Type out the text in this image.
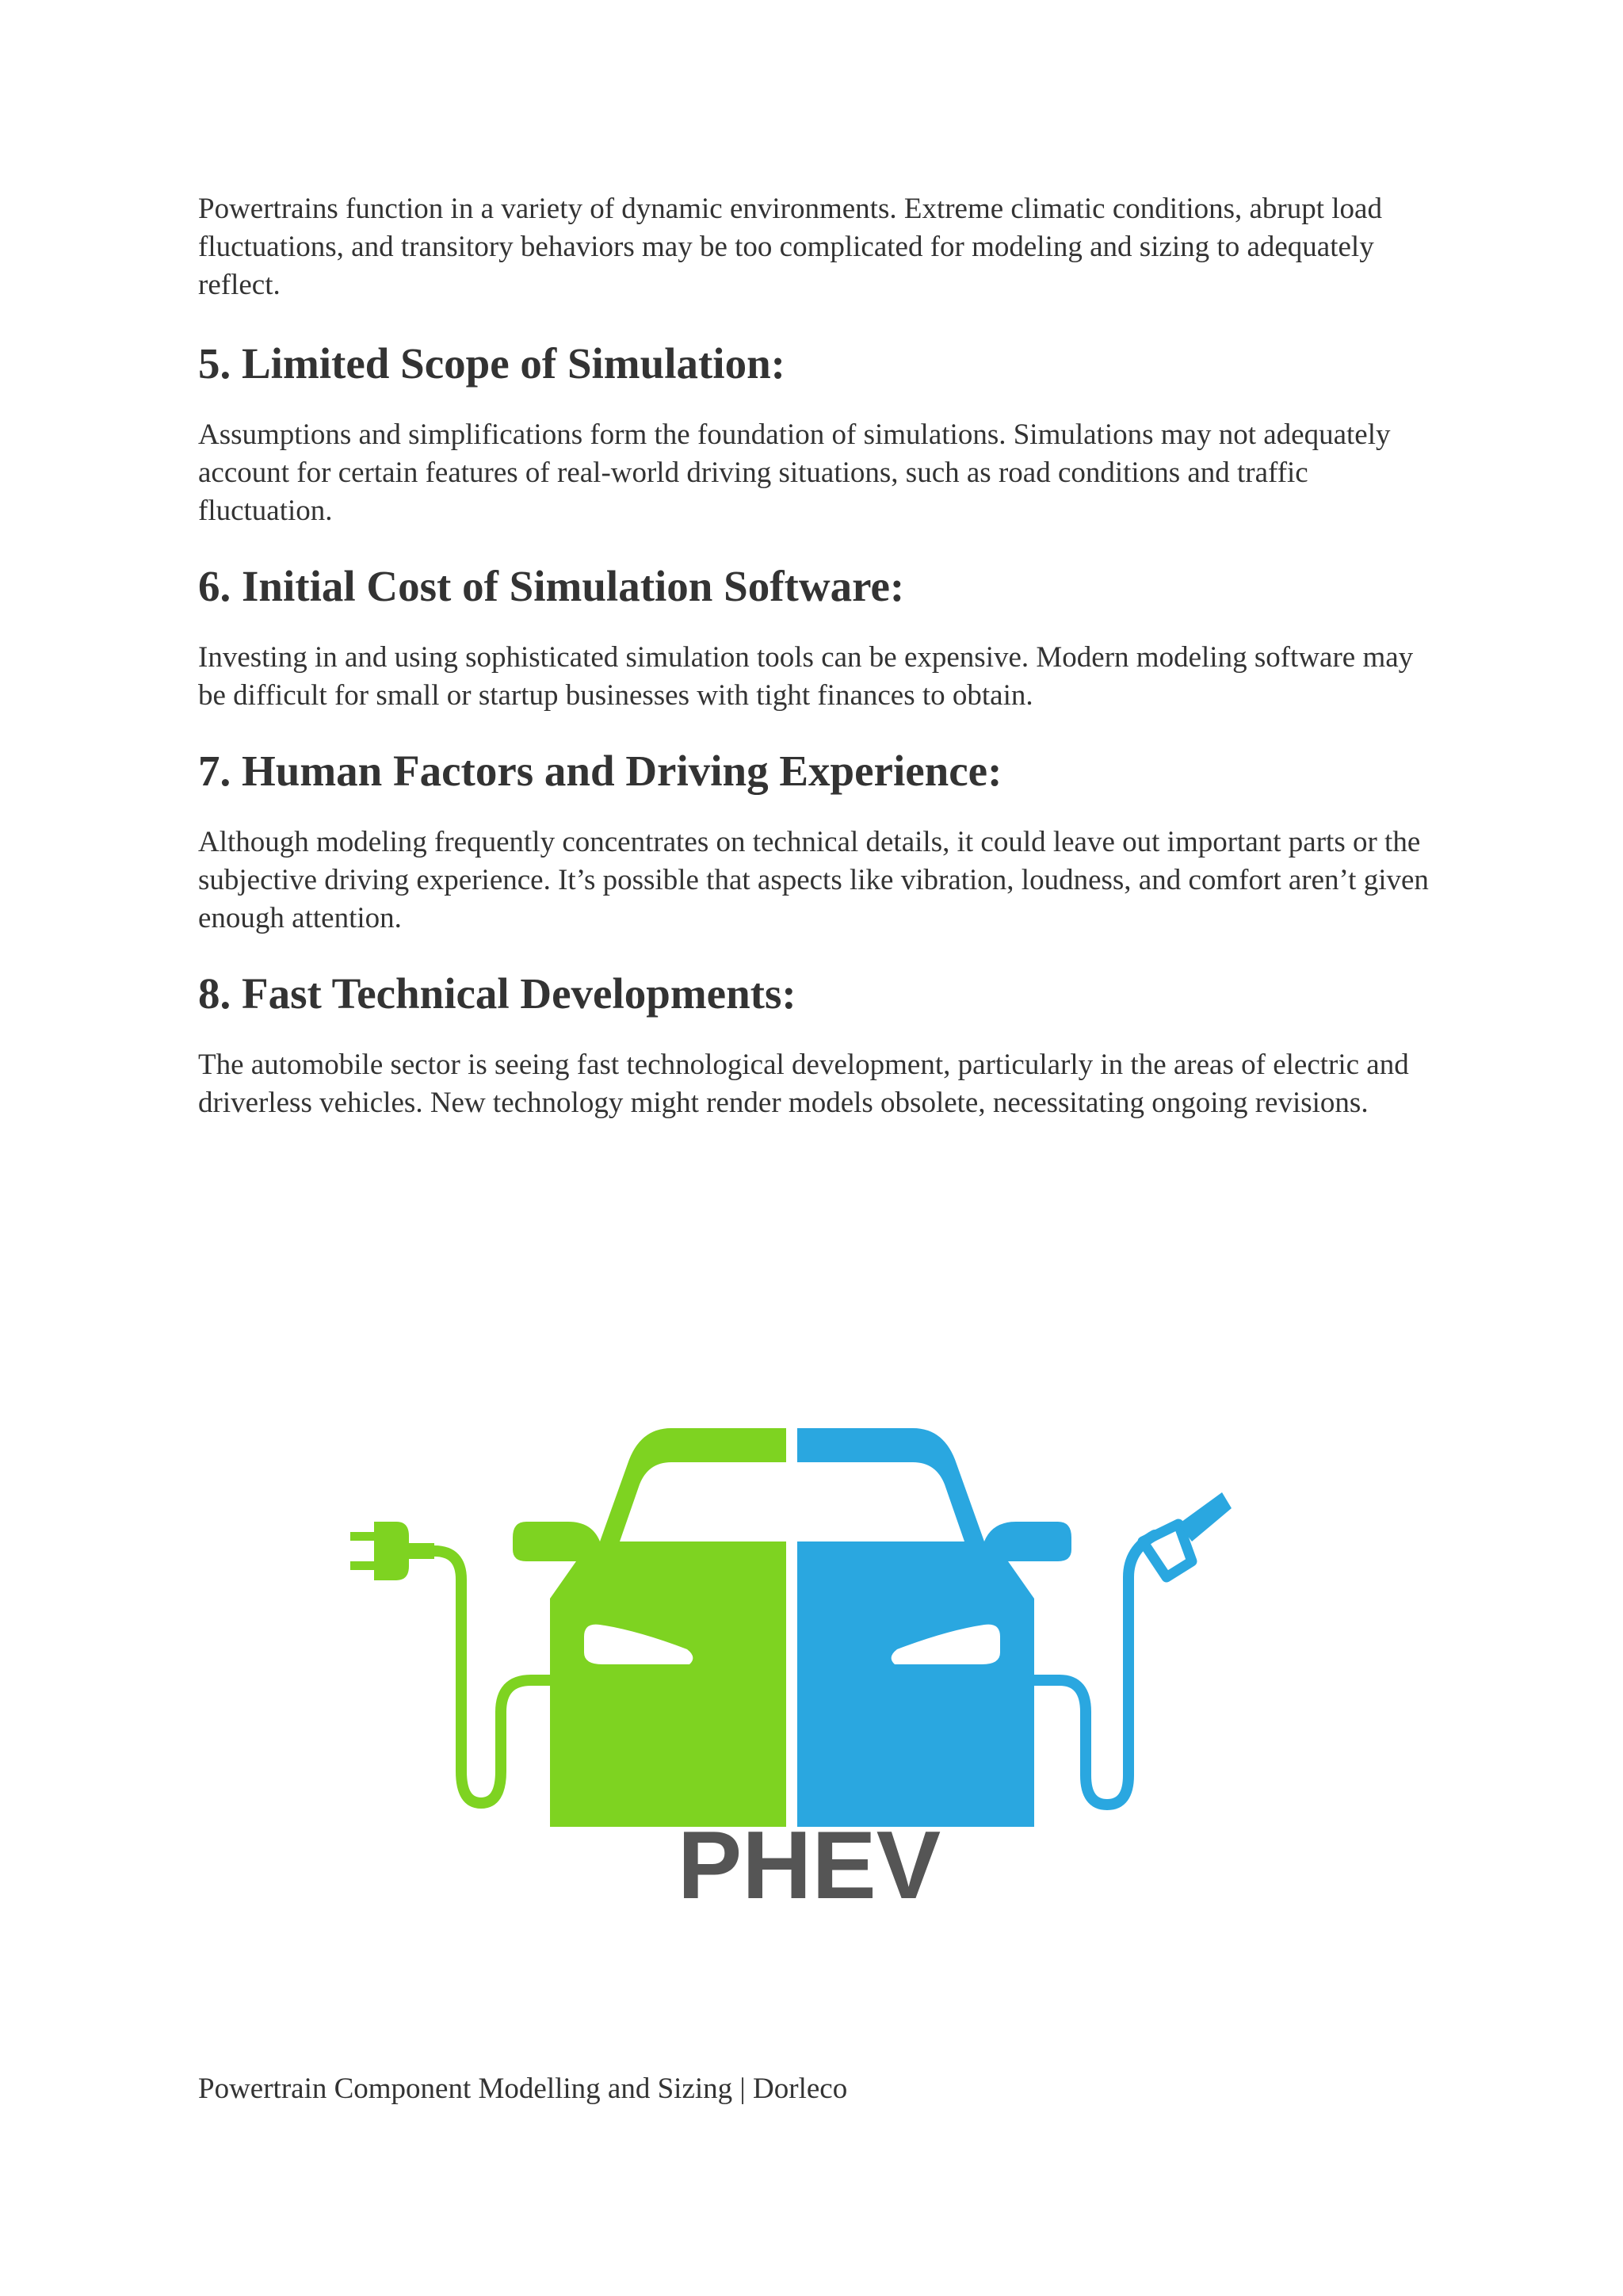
Powertrains function in a variety of dynamic environments. Extreme climatic conditions, abrupt load fluctuations, and transitory behaviors may be too complicated for modeling and sizing to adequately reflect.

5. Limited Scope of Simulation:

Assumptions and simplifications form the foundation of simulations. Simulations may not adequately account for certain features of real-world driving situations, such as road conditions and traffic fluctuation.

6. Initial Cost of Simulation Software:

Investing in and using sophisticated simulation tools can be expensive. Modern modeling software may be difficult for small or startup businesses with tight finances to obtain.

7. Human Factors and Driving Experience:

Although modeling frequently concentrates on technical details, it could leave out important parts or the subjective driving experience. It’s possible that aspects like vibration, loudness, and comfort aren’t given enough attention.

8. Fast Technical Developments:

The automobile sector is seeing fast technological development, particularly in the areas of electric and driverless vehicles. New technology might render models obsolete, necessitating ongoing revisions.

PHEV

Powertrain Component Modelling and Sizing | Dorleco
